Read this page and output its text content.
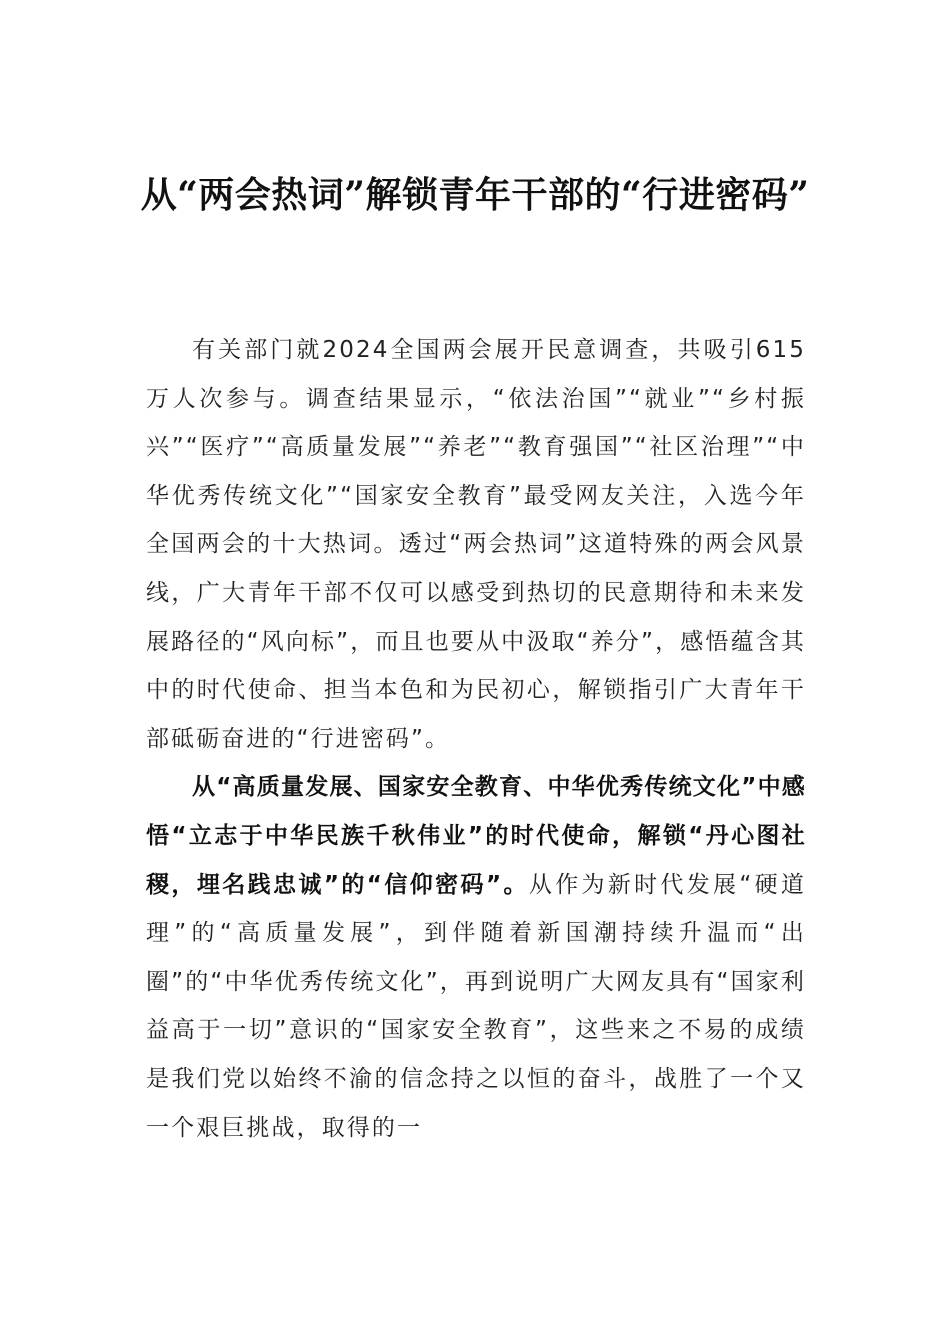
从“两会热词”解锁青年干部的“行进密码”

有关部门就2024全国两会展开民意调查，共吸引615万人次参与。调查结果显示，“依法治国”“就业”“乡村振兴”“医疗”“高质量发展”“养老”“教育强国”“社区治理”“中华优秀传统文化”“国家安全教育”最受网友关注，入选今年全国两会的十大热词。透过“两会热词”这道特殊的两会风景线，广大青年干部不仅可以感受到热切的民意期待和未来发展路径的“风向标”，而且也要从中汲取“养分”，感悟蕴含其中的时代使命、担当本色和为民初心，解锁指引广大青年干部砥砺奋进的“行进密码”。

从“高质量发展、国家安全教育、中华优秀传统文化”中感悟“立志于中华民族千秋伟业”的时代使命，解锁“丹心图社稷，埋名践忠诚”的“信仰密码”。从作为新时代发展“硬道理”的“高质量发展”，到伴随着新国潮持续升温而“出圈”的“中华优秀传统文化”，再到说明广大网友具有“国家利益高于一切”意识的“国家安全教育”，这些来之不易的成绩是我们党以始终不渝的信念持之以恒的奋斗，战胜了一个又一个艰巨挑战，取得的一
